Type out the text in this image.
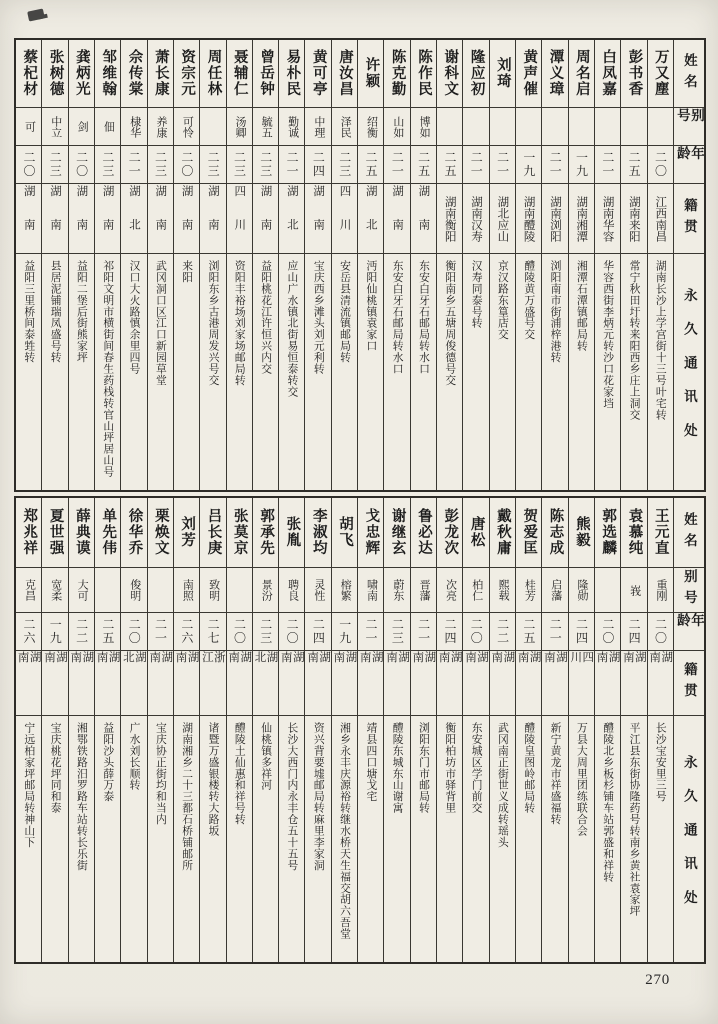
蔡杞材
可
二〇
湖南
益阳三里桥间泰甡转
张树德
中立
二三
湖南
县居泥铺瑞凤盛号转
龚炳光
剑
二〇
湖南
益阳二堡后街熊家坪
邹维翰
佃
二三
湖南
祁阳文明市横街间春生药栈转官山坪居山号
佘传棠
棣华
二一
湖北
汉口大火路慎余里四号
萧长康
养康
二三
湖南
武冈洞口区江口新园草堂
资宗元
可怜
二〇
湖南
来阳
周任林
二三
湖南
浏阳东乡古港周发兴号交
聂辅仁
汤卿
二三
四川
资阳丰裕场刘家场邮局转
曾岳钟
毓五
二三
湖南
益阳桃花江许恒兴内交
易朴民
勤诚
二一
湖北
应山广水镇北街易恒泰转交
黄可亭
中理
二四
湖南
宝庆西乡滩头刘元利转
唐汝昌
泽民
二三
四川
安岳县清流镇邮局转
许颖
绍衡
二五
湖北
沔阳仙桃镇袁家口
陈克勤
山如
二一
湖南
东安白牙石邮局转水口
陈作民
博如
二五
湖南
东安白牙石邮局转水口
谢科文
二五
湖南衡阳
衡阳南乡五塘周俊德号交
隆应初
二一
湖南汉寿
汉寿同泰号转
刘琦
二一
湖北应山
京汉路东篁店交
黄声催
一九
湖南醴陵
醴陵黄万盛号交
潭义璋
二一
湖南浏阳
浏阳南市街浦梓港转
周名启
一九
湖南湘潭
湘潭石潭镇邮局转
白凤嘉
二一
湖南华容
华容西街李炳元转沙口花家垱
彭书香
二五
湖南来阳
常宁秋田圩转来阳西乡庄上洞交
万又塵
二〇
江西南昌
湖南长沙上学宫街十三号叶宅转
姓名
别号
年龄
籍贯
永久通讯处
郑兆祥
克昌
二六
湖南
宁远柏家坪邮局转神山下
夏世强
宽柔
一九
湖南
宝庆桃花坪同和泰
薛典谟
大可
二二
湖南
湘鄂铁路汨罗路车站转长乐街
单先伟
二五
湖南
益阳沙头薛万泰
徐华乔
俊明
二〇
湖北
广水刘长顺转
栗焕文
二一
湖南
宝庆协正街均和当内
刘芳
南照
二六
湖南
湖南湘乡二十三都石桥铺邮所
吕长庚
致明
二七
浙江
诸暨万盛银楼转大路坂
张莫京
二〇
湖南
醴陵土仙惠和祥号转
郭承先
景汾
二三
湖北
仙桃镇多祥河
张胤
聘良
二〇
湖南
长沙大西门内永丰仓五十五号
李淑均
灵性
二四
湖南
资兴背要墟邮局转麻里李家洞
胡飞
榕繁
一九
湖南
湘乡永丰庆源裕转继水桥天生福交胡六吾堂
戈忠辉
啸南
二一
湖南
靖县四口塘戈宅
谢继玄
蔚东
二三
湖南
醴陵东城东山谢寓
鲁必达
晋藩
二一
湖南
浏阳东门市邮局转
彭龙次
次亮
二四
湖南
衡阳柏坊市驿背里
唐松
柏仁
二〇
湖南
东安城区学门前交
戴秋庸
熙载
二二
湖南
武冈南正街世义成转瑶头
贺爱匡
桂芳
二五
湖南
醴陵皇图岭邮局转
陈志成
启藩
二一
湖南
新宁黄龙市祥盛福转
熊毅
隆勋
二四
四川
万县大周里团练联合会
郭选麟
二〇
湖南
醴陵北乡板杉铺车站郭盛和祥转
袁慕纯
峩
二四
湖南
平江县东街协隆药号转南乡黄社袁家坪
王元直
重刚
二〇
湖南
长沙宝安里三号
姓名
别号
年龄
籍贯
永久通讯处
270
